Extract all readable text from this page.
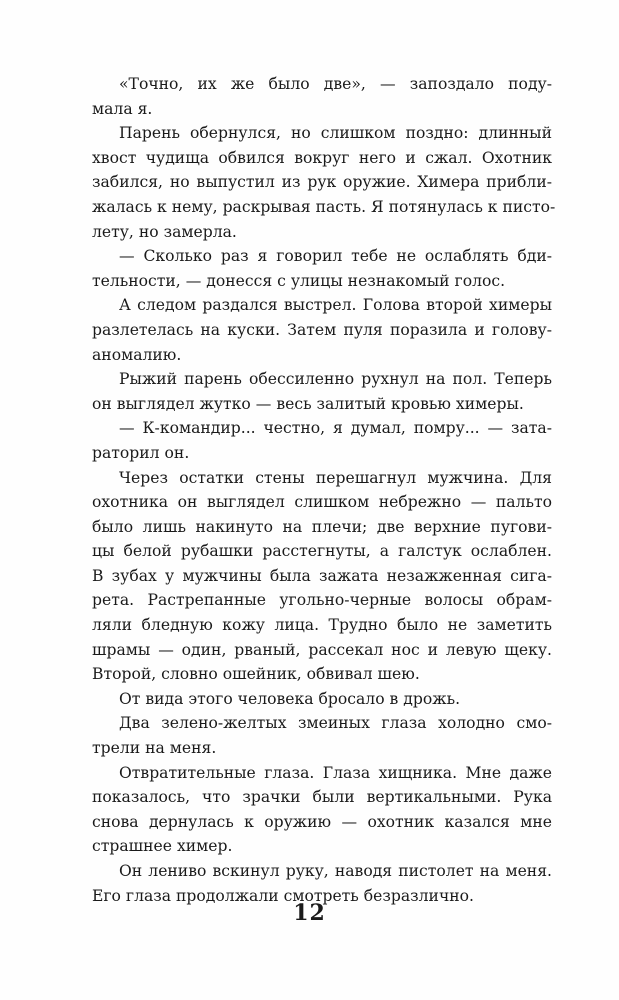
«Точно, их же было две», — запоздало поду-
мала я.
Парень обернулся, но слишком поздно: длинный
хвост чудища обвился вокруг него и сжал. Охотник
забился, но выпустил из рук оружие. Химера прибли-
жалась к нему, раскрывая пасть. Я потянулась к писто-
лету, но замерла.
— Сколько раз я говорил тебе не ослаблять бди-
тельности, — донесся с улицы незнакомый голос.
А следом раздался выстрел. Голова второй химеры
разлетелась на куски. Затем пуля поразила и голову-
аномалию.
Рыжий парень обессиленно рухнул на пол. Теперь
он выглядел жутко — весь залитый кровью химеры.
— К-командир... честно, я думал, помру... — зата-
раторил он.
Через остатки стены перешагнул мужчина. Для
охотника он выглядел слишком небрежно — пальто
было лишь накинуто на плечи; две верхние пугови-
цы белой рубашки расстегнуты, а галстук ослаблен.
В зубах у мужчины была зажата незажженная сига-
рета. Растрепанные угольно-черные волосы обрам-
ляли бледную кожу лица. Трудно было не заметить
шрамы — один, рваный, рассекал нос и левую щеку.
Второй, словно ошейник, обвивал шею.
От вида этого человека бросало в дрожь.
Два зелено-желтых змеиных глаза холодно смо-
трели на меня.
Отвратительные глаза. Глаза хищника. Мне даже
показалось, что зрачки были вертикальными. Рука
снова дернулась к оружию — охотник казался мне
страшнее химер.
Он лениво вскинул руку, наводя пистолет на меня.
Его глаза продолжали смотреть безразлично.
12
